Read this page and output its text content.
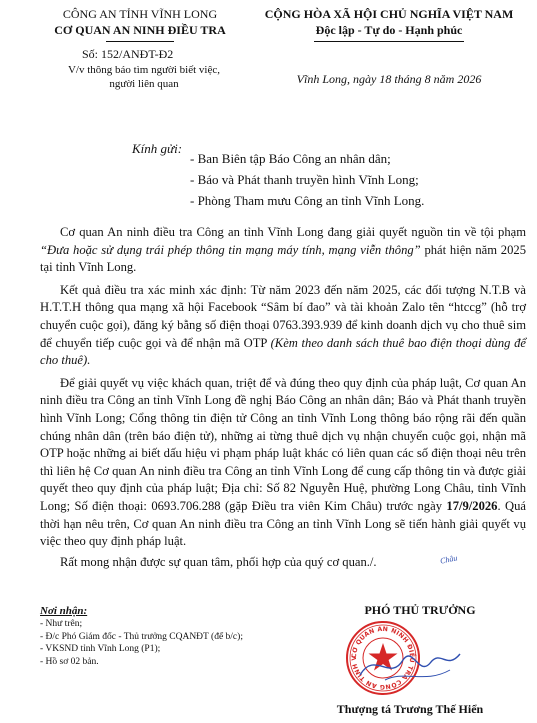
CÔNG AN TỈNH VĨNH LONG
CƠ QUAN AN NINH ĐIỀU TRA
Số: 152/ANĐT-Đ2
V/v thông báo tìm người biết việc,
người liên quan
CỘNG HÒA XÃ HỘI CHỦ NGHĨA VIỆT NAM
Độc lập - Tự do - Hạnh phúc
Vĩnh Long, ngày 18 tháng 8 năm 2026
Kính gửi:
- Ban Biên tập Báo Công an nhân dân;
- Báo và Phát thanh truyền hình Vĩnh Long;
- Phòng Tham mưu Công an tỉnh Vĩnh Long.
Cơ quan An ninh điều tra Công an tỉnh Vĩnh Long đang giải quyết nguồn tin về tội phạm “Đưa hoặc sử dụng trái phép thông tin mạng máy tính, mạng viễn thông” phát hiện năm 2025 tại tỉnh Vĩnh Long.
Kết quả điều tra xác minh xác định: Từ năm 2023 đến năm 2025, các đối tượng N.T.B và H.T.T.H thông qua mạng xã hội Facebook “Sâm bí đao” và tài khoản Zalo tên “htccg” (hỗ trợ chuyển cuộc gọi), đăng ký bằng số điện thoại 0763.393.939 để kinh doanh dịch vụ cho thuê sim để chuyển tiếp cuộc gọi và để nhận mã OTP (Kèm theo danh sách thuê bao điện thoại dùng để cho thuê).
Để giải quyết vụ việc khách quan, triệt để và đúng theo quy định của pháp luật, Cơ quan An ninh điều tra Công an tỉnh Vĩnh Long đề nghị Báo Công an nhân dân; Báo và Phát thanh truyền hình Vĩnh Long; Cổng thông tin điện tử Công an tỉnh Vĩnh Long thông báo rộng rãi đến quần chúng nhân dân (trên báo điện tử), những ai từng thuê dịch vụ nhận chuyển cuộc gọi, nhận mã OTP hoặc những ai biết dấu hiệu vi phạm pháp luật khác có liên quan các số điện thoại nêu trên thì liên hệ Cơ quan An ninh điều tra Công an tỉnh Vĩnh Long để cung cấp thông tin và được giải quyết theo quy định của pháp luật; Địa chỉ: Số 82 Nguyễn Huệ, phường Long Châu, tỉnh Vĩnh Long; Số điện thoại: 0693.706.288 (gặp Điều tra viên Kim Châu) trước ngày 17/9/2026. Quá thời hạn nêu trên, Cơ quan An ninh điều tra Công an tỉnh Vĩnh Long sẽ tiến hành giải quyết vụ việc theo quy định pháp luật.
Rất mong nhận được sự quan tâm, phối hợp của quý cơ quan./.	Châu
Nơi nhận:
- Như trên;
- Đ/c Phó Giám đốc - Thủ trưởng CQANĐT (để b/c);
- VKSND tỉnh Vĩnh Long (P1);
- Hồ sơ 02 bản.
PHÓ THỦ TRƯỞNG
CƠ QUAN AN NINH ĐIỀU TRA CÔNG AN TỈNH V
Thượng tá Trương Thế Hiển
